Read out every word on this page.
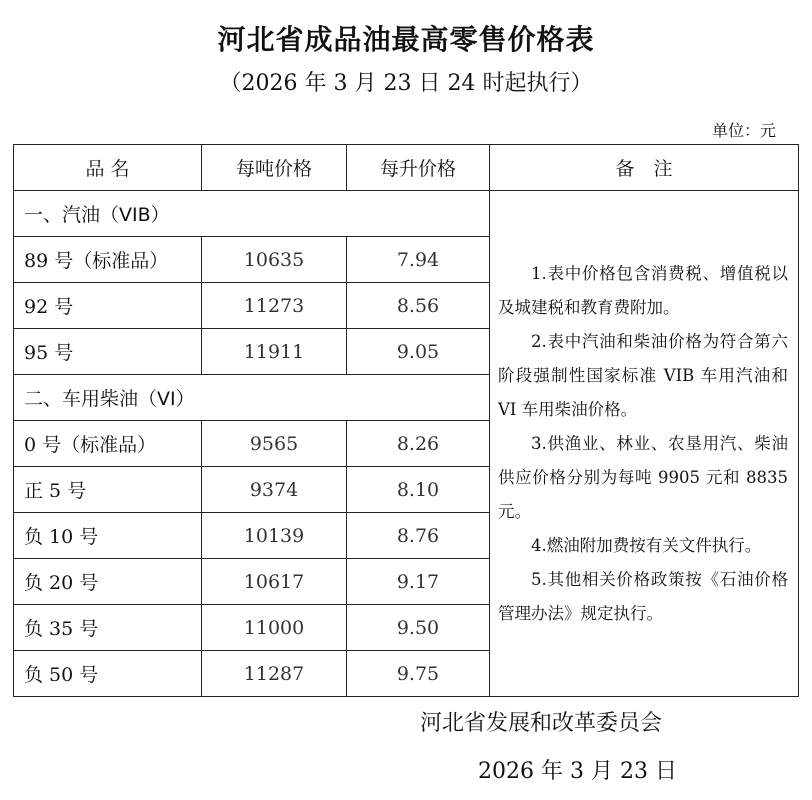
河北省成品油最高零售价格表
（2026 年 3 月 23 日 24 时起执行）
单位：元
品 名	每吨价格	每升价格	备　注
一、汽油（VIB）			1.表中价格包含消费税、增值税以及城建税和教育费附加。

2.表中汽油和柴油价格为符合第六阶段强制性国家标准 VIB 车用汽油和 VI 车用柴油价格。

3.供渔业、林业、农垦用汽、柴油供应价格分别为每吨 9905 元和 8835 元。

4.燃油附加费按有关文件执行。

5.其他相关价格政策按《石油价格管理办法》规定执行。

89 号（标准品）	10635	7.94	
92 号	11273	8.56	
95 号	11911	9.05	
二、车用柴油（VI）			
0 号（标准品）	9565	8.26	
正 5 号	9374	8.10	
负 10 号	10139	8.76	
负 20 号	10617	9.17	
负 35 号	11000	9.50	
负 50 号	11287	9.75	
河北省发展和改革委员会
2026 年 3 月 23 日
